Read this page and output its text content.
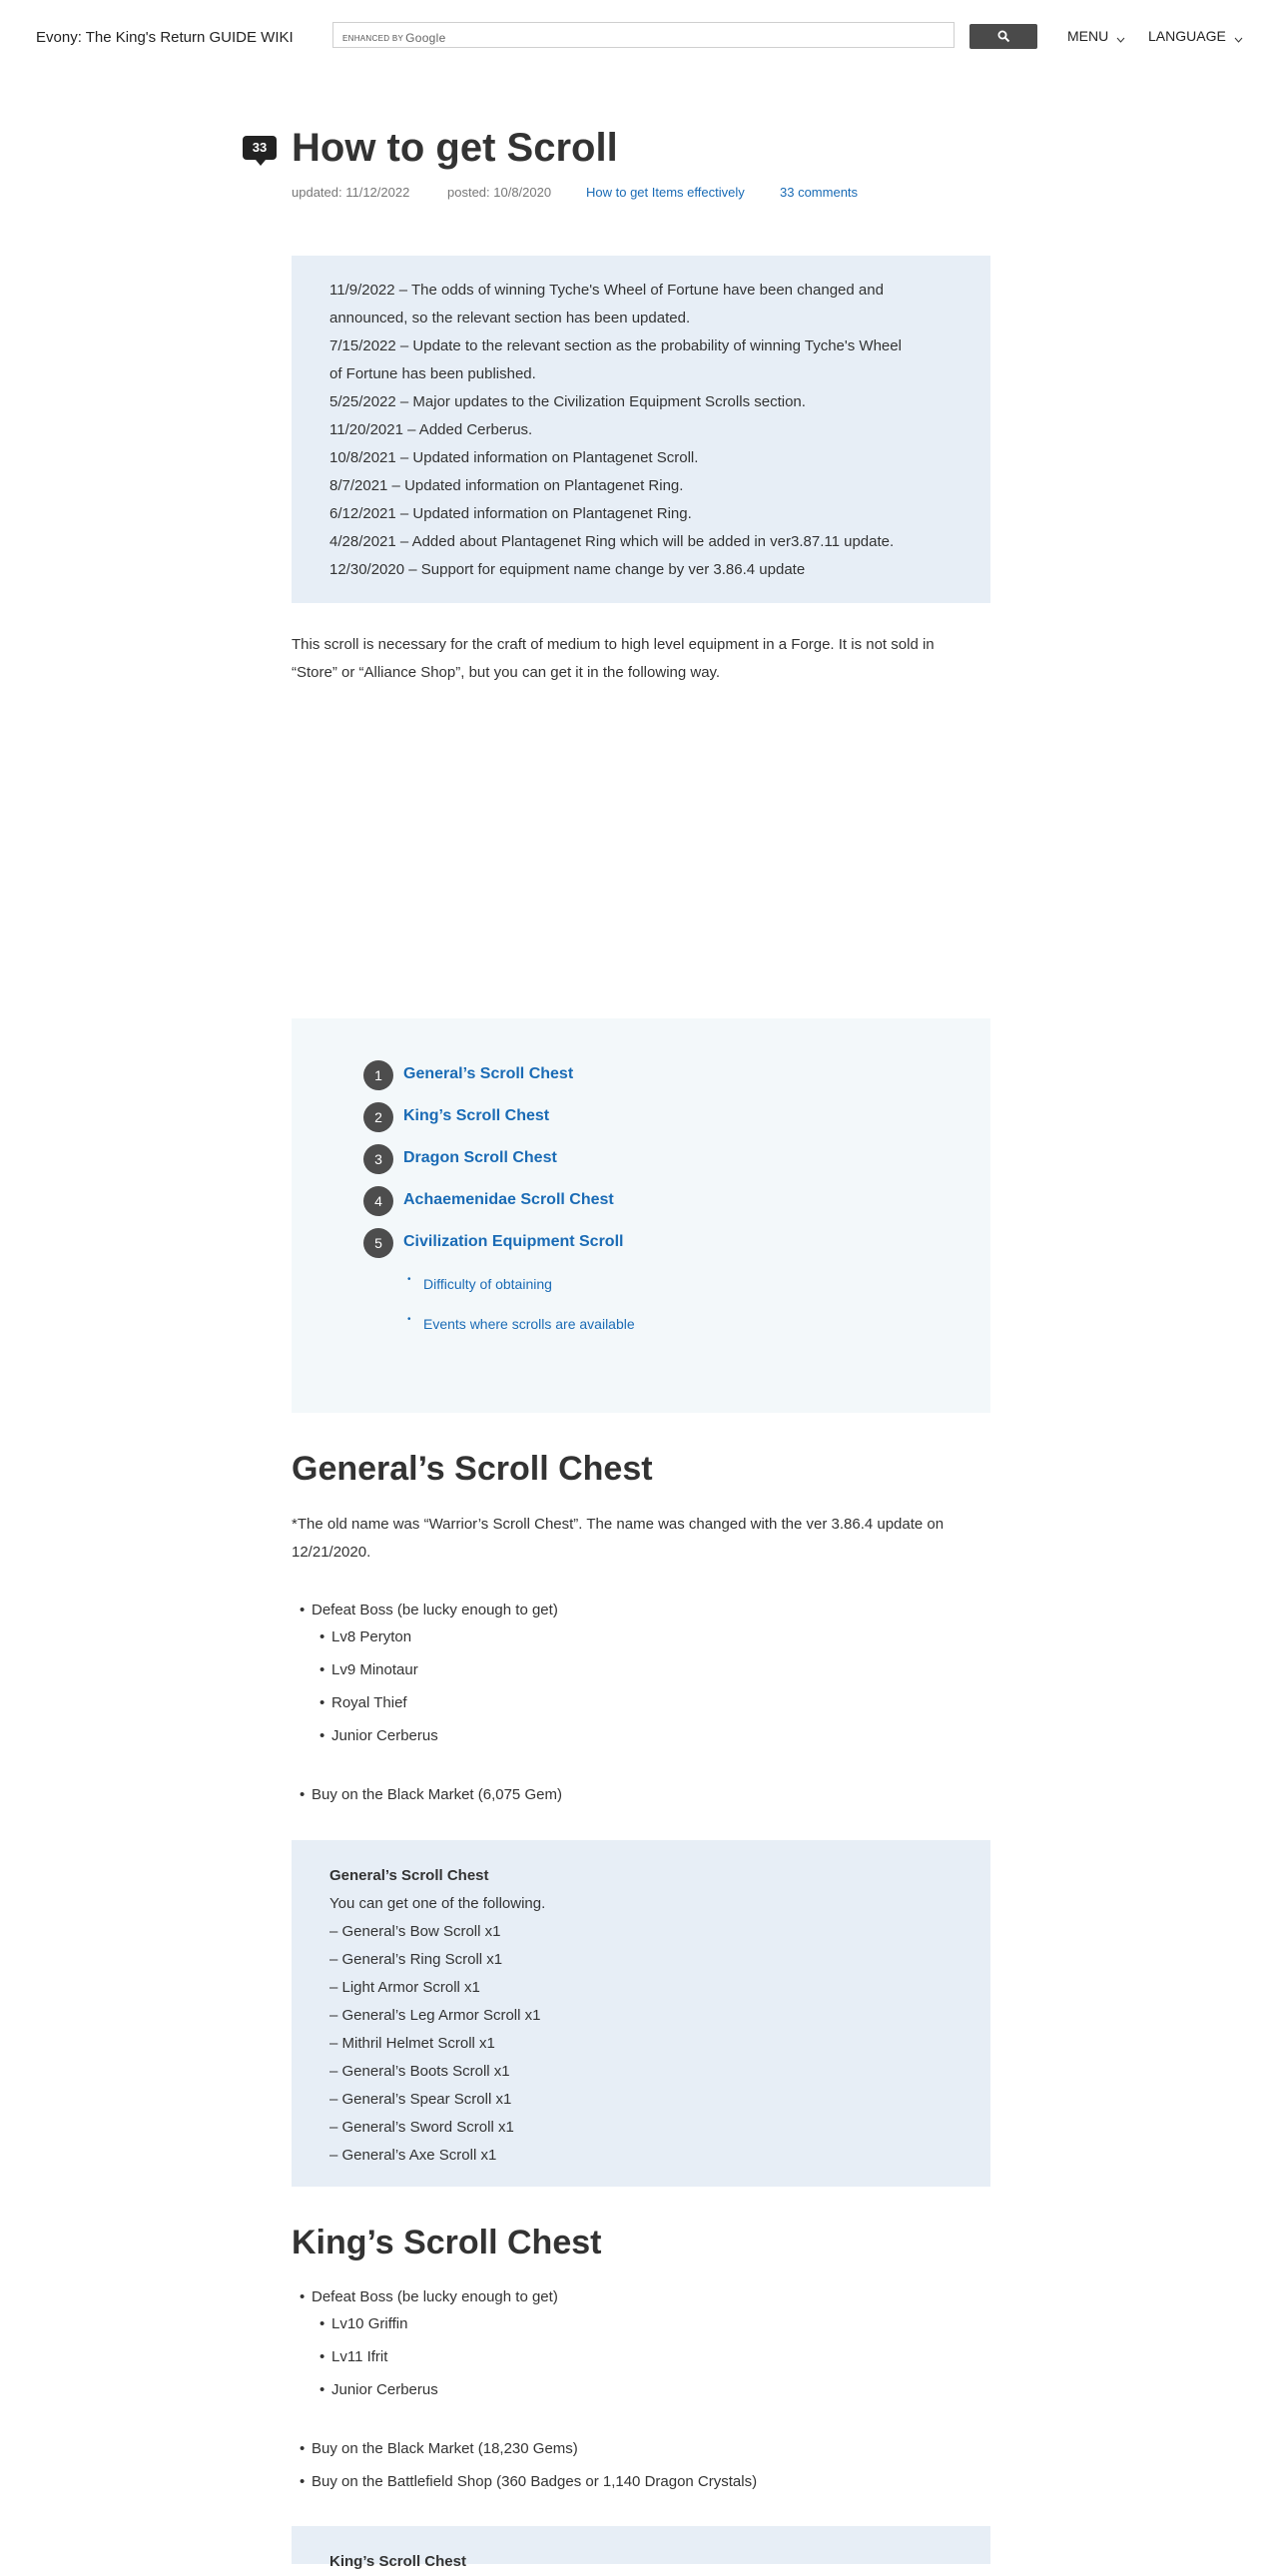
Evony: The King's Return GUIDE WIKI	ENHANCED BY Google	MENU	LANGUAGE
33 How to get Scroll
updated: 11/12/2022	posted: 10/8/2020	How to get Items effectively	33 comments

11/9/2022 – The odds of winning Tyche's Wheel of Fortune have been changed and

announced, so the relevant section has been updated.

7/15/2022 – Update to the relevant section as the probability of winning Tyche's Wheel

of Fortune has been published.

5/25/2022 – Major updates to the Civilization Equipment Scrolls section.

11/20/2021 – Added Cerberus.

10/8/2021 – Updated information on Plantagenet Scroll.

8/7/2021 – Updated information on Plantagenet Ring.

6/12/2021 – Updated information on Plantagenet Ring.

4/28/2021 – Added about Plantagenet Ring which will be added in ver3.87.11 update.

12/30/2020 – Support for equipment name change by ver 3.86.4 update

This scroll is necessary for the craft of medium to high level equipment in a Forge. It is not sold in

“Store” or “Alliance Shop”, but you can get it in the following way.

1	General’s Scroll Chest
2	King’s Scroll Chest
3	Dragon Scroll Chest
4	Achaemenidae Scroll Chest
5	Civilization Equipment Scroll
• Difficulty of obtaining
• Events where scrolls are available
General’s Scroll Chest

*The old name was “Warrior’s Scroll Chest”. The name was changed with the ver 3.86.4 update on

12/21/2020.

• Defeat Boss (be lucky enough to get)
• Lv8 Peryton
• Lv9 Minotaur
• Royal Thief
• Junior Cerberus
• Buy on the Black Market (6,075 Gem)

General’s Scroll Chest

You can get one of the following.

– General’s Bow Scroll x1

– General’s Ring Scroll x1

– Light Armor Scroll x1

– General’s Leg Armor Scroll x1

– Mithril Helmet Scroll x1

– General’s Boots Scroll x1

– General’s Spear Scroll x1

– General’s Sword Scroll x1

– General’s Axe Scroll x1

King’s Scroll Chest
• Defeat Boss (be lucky enough to get)
• Lv10 Griffin
• Lv11 Ifrit
• Junior Cerberus
• Buy on the Black Market (18,230 Gems)
• Buy on the Battlefield Shop (360 Badges or 1,140 Dragon Crystals)

King’s Scroll Chest
